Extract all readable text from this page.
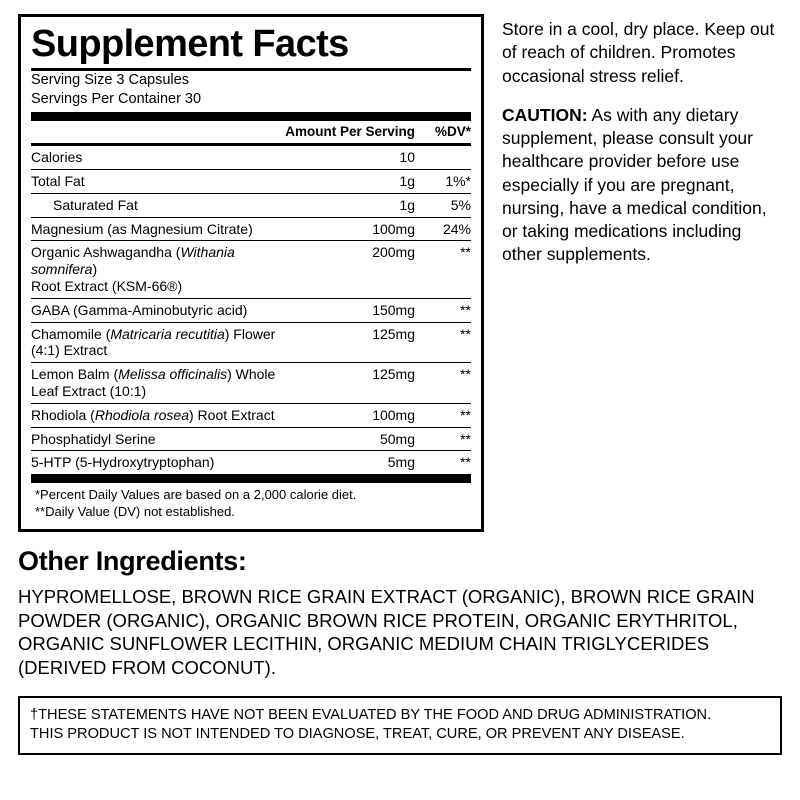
Supplement Facts
Serving Size 3 Capsules
Servings Per Container 30
	Amount Per Serving	%DV*
Calories	10	
Total Fat	1g	1%*
Saturated Fat	1g	5%
Magnesium (as Magnesium Citrate)	100mg	24%
Organic Ashwagandha (Withania somnifera)
Root Extract (KSM-66®)	200mg	**
GABA (Gamma-Aminobutyric acid)	150mg	**
Chamomile (Matricaria recutitia) Flower (4:1) Extract	125mg	**
Lemon Balm (Melissa officinalis) Whole Leaf Extract (10:1)	125mg	**
Rhodiola (Rhodiola rosea) Root Extract	100mg	**
Phosphatidyl Serine	50mg	**
5-HTP (5-Hydroxytryptophan)	5mg	**
*Percent Daily Values are based on a 2,000 calorie diet.
**Daily Value (DV) not established.

Store in a cool, dry place. Keep out of reach of children. Promotes occasional stress relief.

CAUTION: As with any dietary supplement, please consult your healthcare provider before use especially if you are pregnant, nursing, have a medical condition, or taking medications including other supplements.

Other Ingredients:
HYPROMELLOSE, BROWN RICE GRAIN EXTRACT (ORGANIC), BROWN RICE GRAIN POWDER (ORGANIC), ORGANIC BROWN RICE PROTEIN, ORGANIC ERYTHRITOL, ORGANIC SUNFLOWER LECITHIN, ORGANIC MEDIUM CHAIN TRIGLYCERIDES (DERIVED FROM COCONUT).
†THESE STATEMENTS HAVE NOT BEEN EVALUATED BY THE FOOD AND DRUG ADMINISTRATION.
THIS PRODUCT IS NOT INTENDED TO DIAGNOSE, TREAT, CURE, OR PREVENT ANY DISEASE.
